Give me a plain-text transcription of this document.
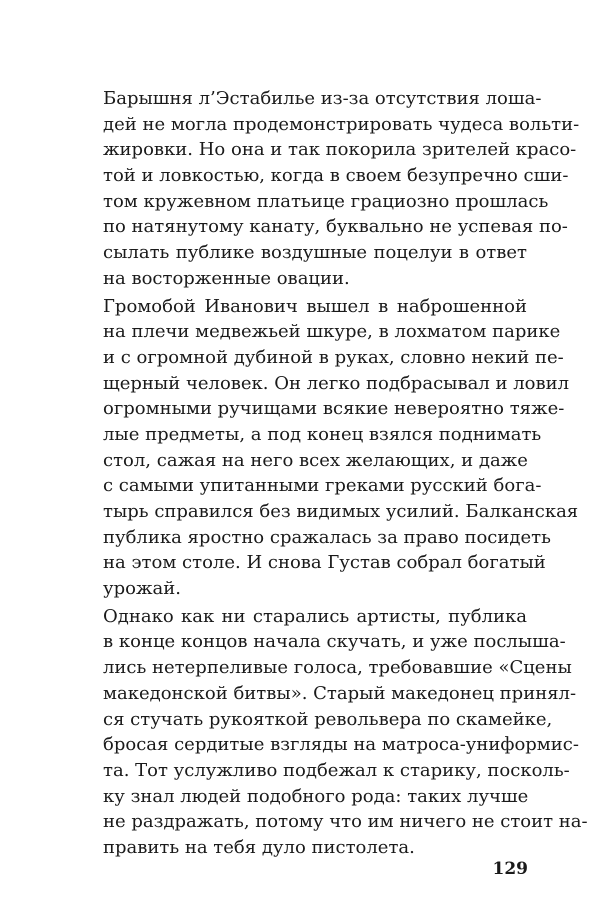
Барышня л’Эстабилье из-за отсутствия лоша-
дей не могла продемонстрировать чудеса вольти-
жировки. Но она и так покорила зрителей красо-
той и ловкостью, когда в своем безупречно сши-
том кружевном платьице грациозно прошлась
по натянутому канату, буквально не успевая по-
сылать публике воздушные поцелуи в ответ
на восторженные овации.
Громобой Иванович вышел в наброшенной
на плечи медвежьей шкуре, в лохматом парике
и с огромной дубиной в руках, словно некий пе-
щерный человек. Он легко подбрасывал и ловил
огромными ручищами всякие невероятно тяже-
лые предметы, а под конец взялся поднимать
стол, сажая на него всех желающих, и даже
с самыми упитанными греками русский бога-
тырь справился без видимых усилий. Балканская
публика яростно сражалась за право посидеть
на этом столе. И снова Густав собрал богатый
урожай.
Однако как ни старались артисты, публика
в конце концов начала скучать, и уже послыша-
лись нетерпеливые голоса, требовавшие «Сцены
македонской битвы». Старый македонец принял-
ся стучать рукояткой револьвера по скамейке,
бросая сердитые взгляды на матроса-униформис-
та. Тот услужливо подбежал к старику, посколь-
ку знал людей подобного рода: таких лучше
не раздражать, потому что им ничего не стоит на-
править на тебя дуло пистолета.
129
